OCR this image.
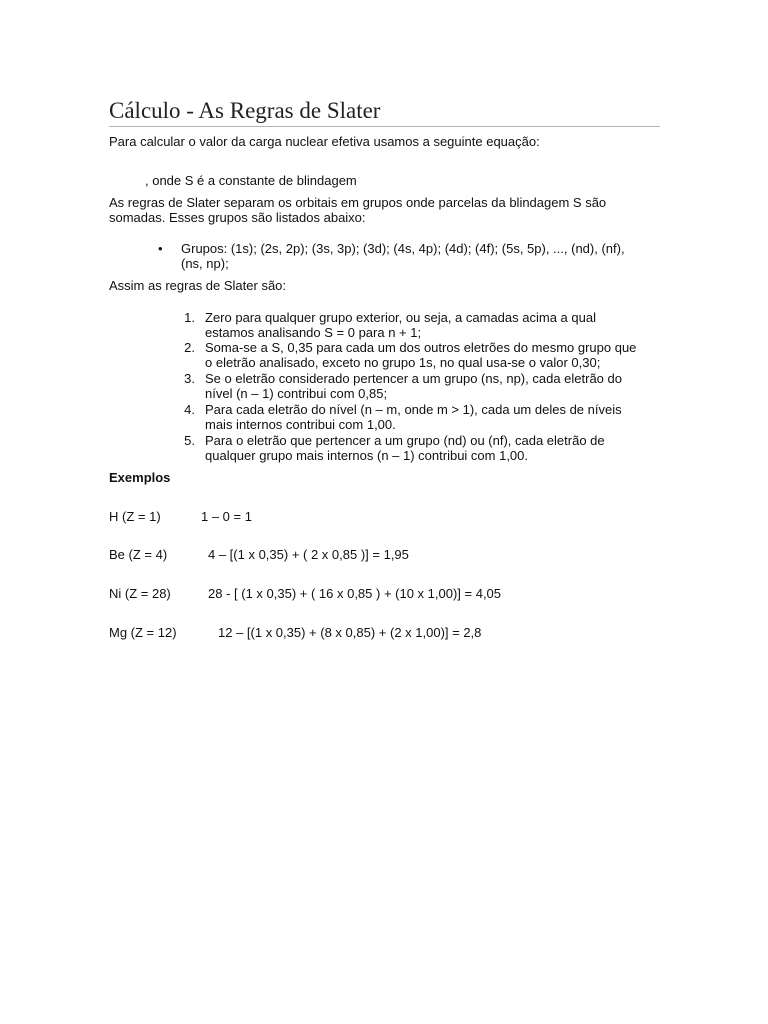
Cálculo - As Regras de Slater
Para calcular o valor da carga nuclear efetiva usamos a seguinte equação:
, onde S é a constante de blindagem
As regras de Slater separam os orbitais em grupos onde parcelas da blindagem S são
somadas. Esses grupos são listados abaixo:
• Grupos: (1s); (2s, 2p); (3s, 3p); (3d); (4s, 4p); (4d); (4f); (5s, 5p), ..., (nd), (nf),
(ns, np);
Assim as regras de Slater são:
1. Zero para qualquer grupo exterior, ou seja, a camadas acima a qual
estamos analisando S = 0 para n + 1;
2. Soma-se a S, 0,35 para cada um dos outros eletrões do mesmo grupo que
o eletrão analisado, exceto no grupo 1s, no qual usa-se o valor 0,30;
3. Se o eletrão considerado pertencer a um grupo (ns, np), cada eletrão do
nível (n – 1) contribui com 0,85;
4. Para cada eletrão do nível (n – m, onde m > 1), cada um deles de níveis
mais internos contribui com 1,00.
5. Para o eletrão que pertencer a um grupo (nd) ou (nf), cada eletrão de
qualquer grupo mais internos (n – 1) contribui com 1,00.
Exemplos
H (Z = 1)	1 – 0 = 1
Be (Z = 4)	4 – [(1 x 0,35) + ( 2 x 0,85 )] = 1,95
Ni (Z = 28)	28 - [ (1 x 0,35) + ( 16 x 0,85 ) + (10 x 1,00)] = 4,05
Mg (Z = 12)	12 – [(1 x 0,35) + (8 x 0,85) + (2 x 1,00)] = 2,8
